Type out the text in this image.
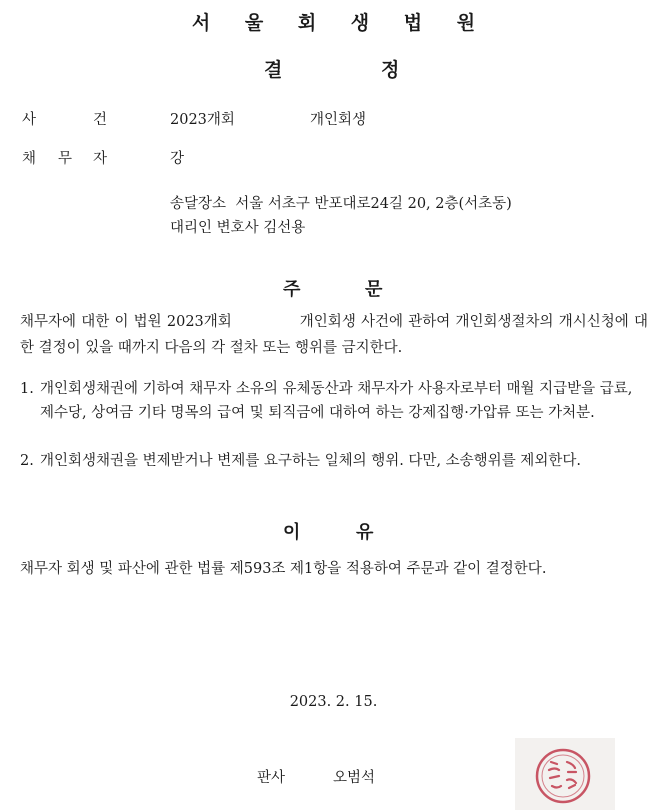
서 울 회 생 법 원
결	정
사	건	2023개회	개인회생
채 무 자	강
송달장소  서울 서초구 반포대로24길 20, 2층(서초동)
대리인 변호사 김선용
주	문
채무자에 대한 이 법원 2023개회	개인회생 사건에 관하여 개인회생절차의 개시신청에 대한 결정이 있을 때까지 다음의 각 절차 또는 행위를 금지한다.
1. 개인회생채권에 기하여 채무자 소유의 유체동산과 채무자가 사용자로부터 매월 지급받을 급료, 제수당, 상여금 기타 명목의 급여 및 퇴직금에 대하여 하는 강제집행·가압류 또는 가처분.
2. 개인회생채권을 변제받거나 변제를 요구하는 일체의 행위. 다만, 소송행위를 제외한다.
이	유
채무자 회생 및 파산에 관한 법률 제593조 제1항을 적용하여 주문과 같이 결정한다.
2023. 2. 15.
판사	오범석
